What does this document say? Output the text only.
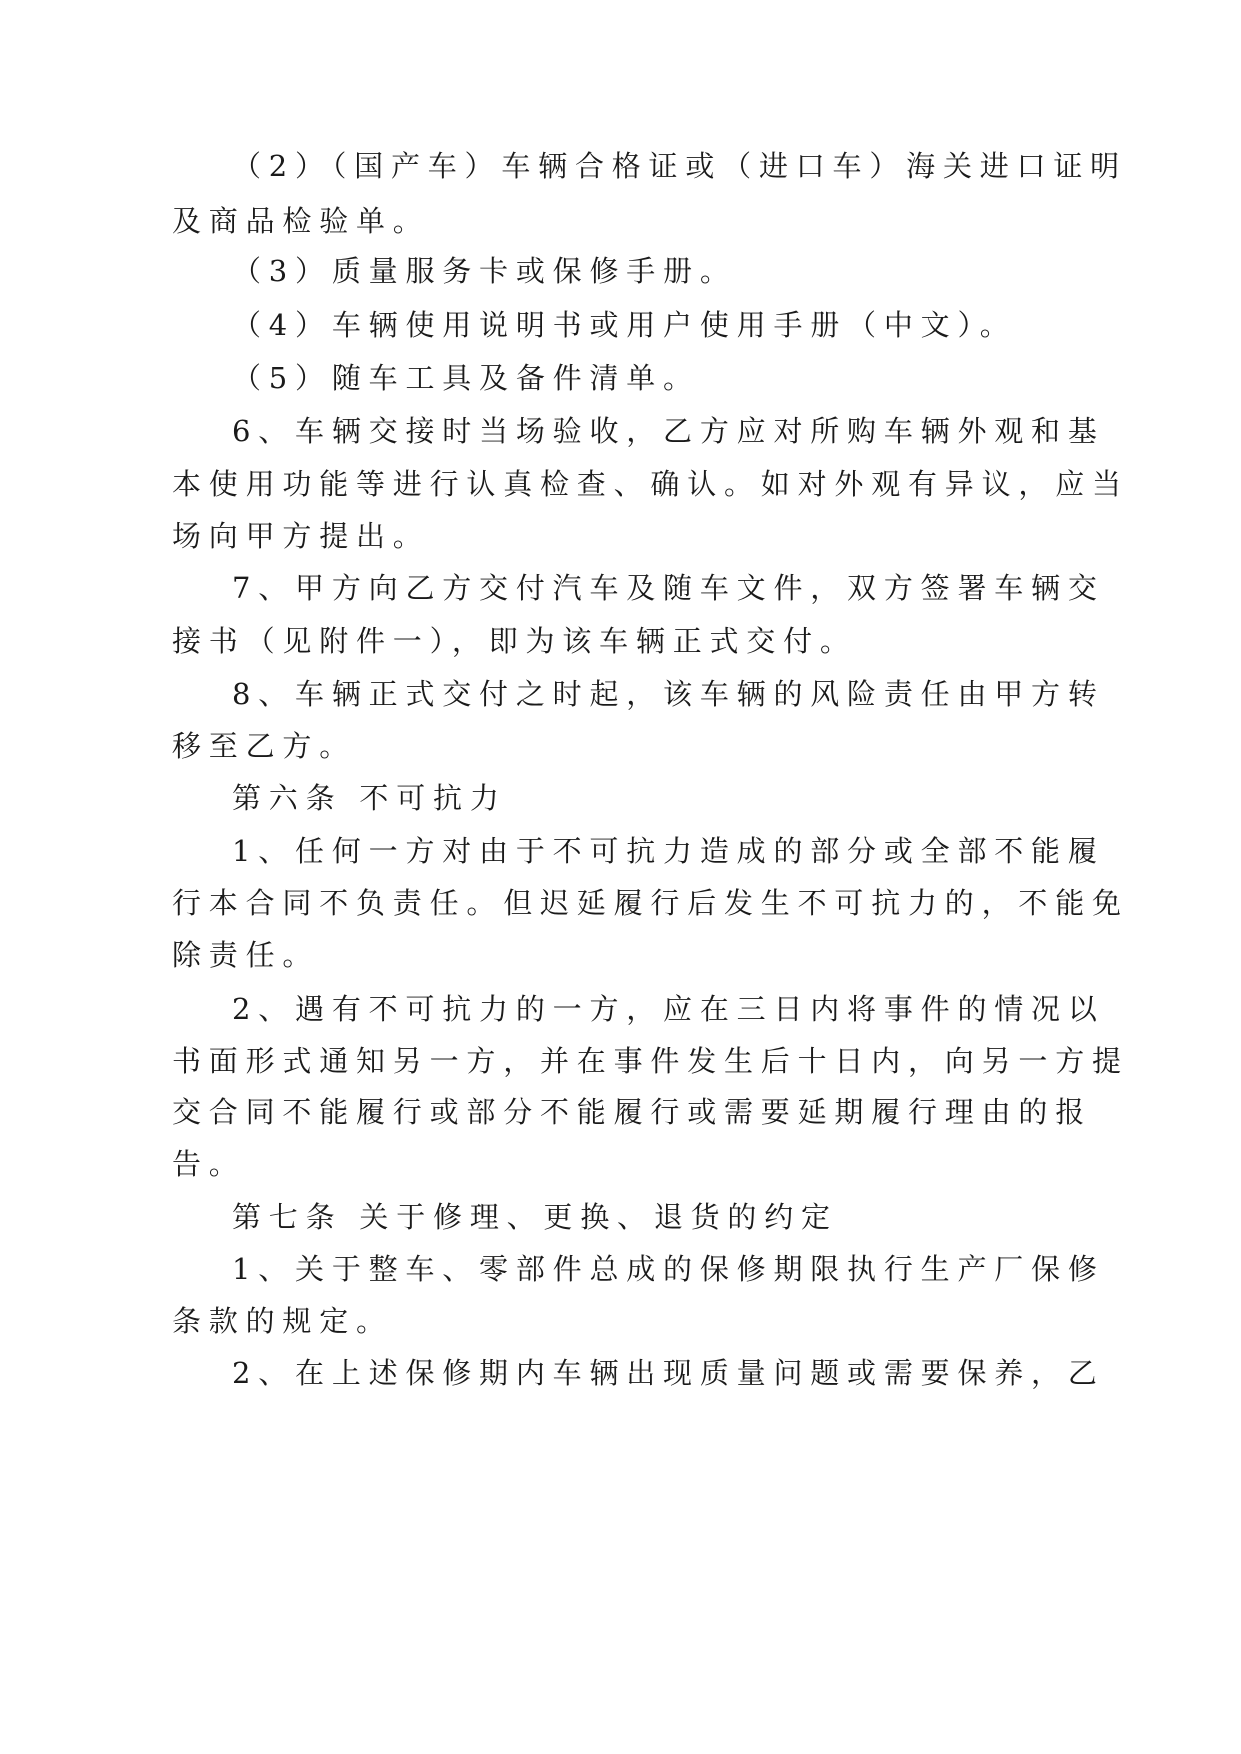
（2）（国产车）车辆合格证或（进口车）海关进口证明
及商品检验单。
（3）质量服务卡或保修手册。
（4）车辆使用说明书或用户使用手册（中文）。
（5）随车工具及备件清单。
6、车辆交接时当场验收，乙方应对所购车辆外观和基
本使用功能等进行认真检查、确认。如对外观有异议，应当
场向甲方提出。
7、甲方向乙方交付汽车及随车文件，双方签署车辆交
接书（见附件一），即为该车辆正式交付。
8、车辆正式交付之时起，该车辆的风险责任由甲方转
移至乙方。
第六条 不可抗力
1、任何一方对由于不可抗力造成的部分或全部不能履
行本合同不负责任。但迟延履行后发生不可抗力的，不能免
除责任。
2、遇有不可抗力的一方，应在三日内将事件的情况以
书面形式通知另一方，并在事件发生后十日内，向另一方提
交合同不能履行或部分不能履行或需要延期履行理由的报
告。
第七条 关于修理、更换、退货的约定
1、关于整车、零部件总成的保修期限执行生产厂保修
条款的规定。
2、在上述保修期内车辆出现质量问题或需要保养，乙
